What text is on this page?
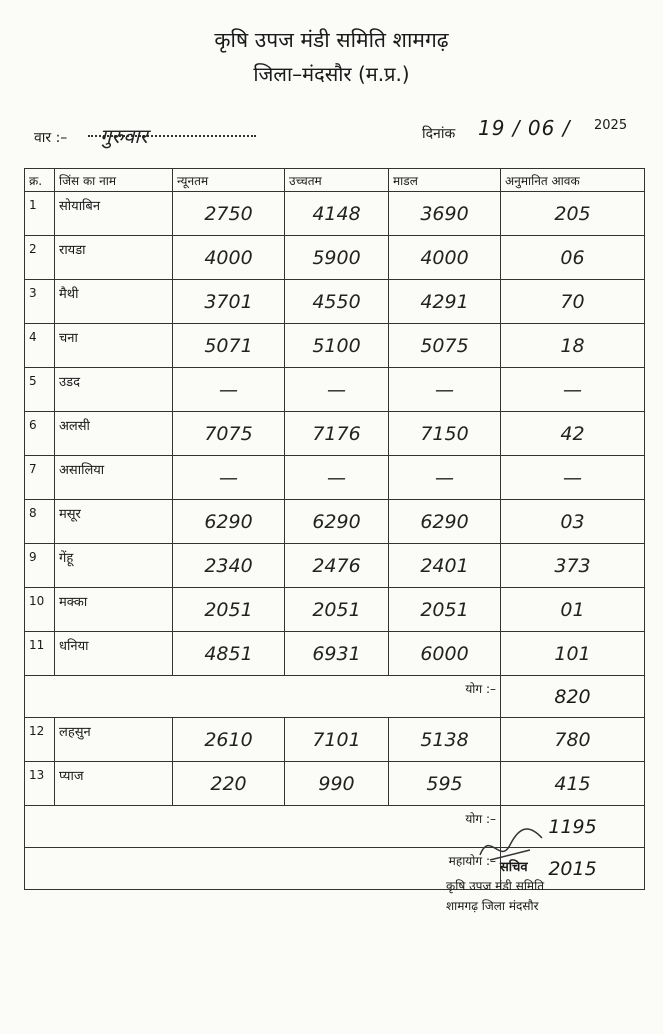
कृषि उपज मंडी समिति शामगढ़
जिला–मंदसौर (म.प्र.)
वार :– गुरुवार	दिनांक 19 / 06 / 2025
क्र.	जिंस का नाम	न्यूनतम	उच्चतम	माडल	अनुमानित आवक
1	सोयाबिन	2750	4148	3690	205
2	रायडा	4000	5900	4000	06
3	मैथी	3701	4550	4291	70
4	चना	5071	5100	5075	18
5	उडद	—	—	—	—
6	अलसी	7075	7176	7150	42
7	असालिया	—	—	—	—
8	मसूर	6290	6290	6290	03
9	गेंहू	2340	2476	2401	373
10	मक्का	2051	2051	2051	01
11	धनिया	4851	6931	6000	101
योग :–					820
12	लहसुन	2610	7101	5138	780
13	प्याज	220	990	595	415
योग :–					1195
महायोग :–					2015
सचिव
कृषि उपज मंडी समिति
शामगढ़ जिला मंदसौर
